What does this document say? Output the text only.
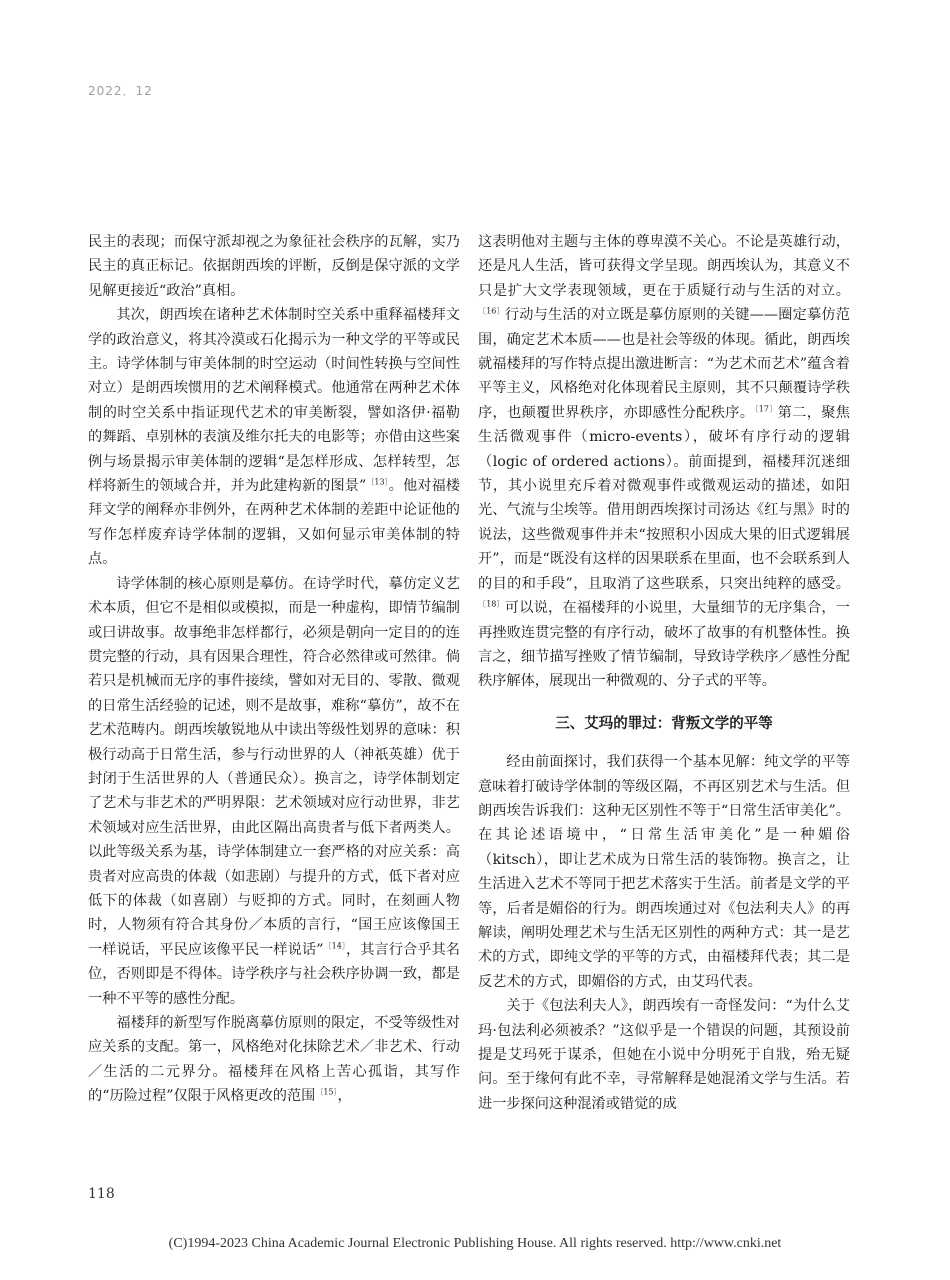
2022．12

民主的表现；而保守派却视之为象征社会秩序的瓦解，实乃民主的真正标记。依据朗西埃的评断，反倒是保守派的文学见解更接近“政治”真相。

其次，朗西埃在诸种艺术体制时空关系中重释福楼拜文学的政治意义，将其冷漠或石化揭示为一种文学的平等或民主。诗学体制与审美体制的时空运动（时间性转换与空间性对立）是朗西埃惯用的艺术阐释模式。他通常在两种艺术体制的时空关系中指证现代艺术的审美断裂，譬如洛伊·福勒的舞蹈、卓别林的表演及维尔托夫的电影等；亦借由这些案例与场景揭示审美体制的逻辑“是怎样形成、怎样转型，怎样将新生的领域合并，并为此建构新的图景”$^{〔13〕}$。他对福楼拜文学的阐释亦非例外，在两种艺术体制的差距中论证他的写作怎样废弃诗学体制的逻辑，又如何显示审美体制的特点。

诗学体制的核心原则是摹仿。在诗学时代，摹仿定义艺术本质，但它不是相似或模拟，而是一种虚构，即情节编制或曰讲故事。故事绝非怎样都行，必须是朝向一定目的的连贯完整的行动，具有因果合理性，符合必然律或可然律。倘若只是机械而无序的事件接续，譬如对无目的、零散、微观的日常生活经验的记述，则不是故事，难称“摹仿”，故不在艺术范畴内。朗西埃敏锐地从中读出等级性划界的意味：积极行动高于日常生活，参与行动世界的人（神祇英雄）优于封闭于生活世界的人（普通民众）。换言之，诗学体制划定了艺术与非艺术的严明界限：艺术领域对应行动世界，非艺术领域对应生活世界，由此区隔出高贵者与低下者两类人。以此等级关系为基，诗学体制建立一套严格的对应关系：高贵者对应高贵的体裁（如悲剧）与提升的方式，低下者对应低下的体裁（如喜剧）与贬抑的方式。同时，在刻画人物时，人物须有符合其身份／本质的言行，“国王应该像国王一样说话，平民应该像平民一样说话”$^{〔14〕}$，其言行合乎其名位，否则即是不得体。诗学秩序与社会秩序协调一致，都是一种不平等的感性分配。

福楼拜的新型写作脱离摹仿原则的限定，不受等级性对应关系的支配。第一，风格绝对化抹除艺术／非艺术、行动／生活的二元界分。福楼拜在风格上苦心孤诣，其写作的“历险过程”仅限于风格更改的范围$^{〔15〕}$，

这表明他对主题与主体的尊卑漠不关心。不论是英雄行动，还是凡人生活，皆可获得文学呈现。朗西埃认为，其意义不只是扩大文学表现领域，更在于质疑行动与生活的对立。$^{〔16〕}$行动与生活的对立既是摹仿原则的关键——圈定摹仿范围，确定艺术本质——也是社会等级的体现。循此，朗西埃就福楼拜的写作特点提出激进断言：“为艺术而艺术”蕴含着平等主义，风格绝对化体现着民主原则，其不只颠覆诗学秩序，也颠覆世界秩序，亦即感性分配秩序。$^{〔17〕}$第二，聚焦生活微观事件（micro-events），破坏有序行动的逻辑（logic of ordered actions）。前面提到，福楼拜沉迷细节，其小说里充斥着对微观事件或微观运动的描述，如阳光、气流与尘埃等。借用朗西埃探讨司汤达《红与黑》时的说法，这些微观事件并未“按照积小因成大果的旧式逻辑展开”，而是“既没有这样的因果联系在里面，也不会联系到人的目的和手段”，且取消了这些联系，只突出纯粹的感受。$^{〔18〕}$可以说，在福楼拜的小说里，大量细节的无序集合，一再挫败连贯完整的有序行动，破坏了故事的有机整体性。换言之，细节描写挫败了情节编制，导致诗学秩序／感性分配秩序解体，展现出一种微观的、分子式的平等。

三、艾玛的罪过：背叛文学的平等

经由前面探讨，我们获得一个基本见解：纯文学的平等意味着打破诗学体制的等级区隔，不再区别艺术与生活。但朗西埃告诉我们：这种无区别性不等于“日常生活审美化”。在其论述语境中，“日常生活审美化”是一种媚俗（kitsch），即让艺术成为日常生活的装饰物。换言之，让生活进入艺术不等同于把艺术落实于生活。前者是文学的平等，后者是媚俗的行为。朗西埃通过对《包法利夫人》的再解读，阐明处理艺术与生活无区别性的两种方式：其一是艺术的方式，即纯文学的平等的方式，由福楼拜代表；其二是反艺术的方式，即媚俗的方式，由艾玛代表。

关于《包法利夫人》，朗西埃有一奇怪发问：“为什么艾玛·包法利必须被杀？”这似乎是一个错误的问题，其预设前提是艾玛死于谋杀，但她在小说中分明死于自戕，殆无疑问。至于缘何有此不幸，寻常解释是她混淆文学与生活。若进一步探问这种混淆或错觉的成

118
(C)1994-2023 China Academic Journal Electronic Publishing House. All rights reserved. http://www.cnki.net
